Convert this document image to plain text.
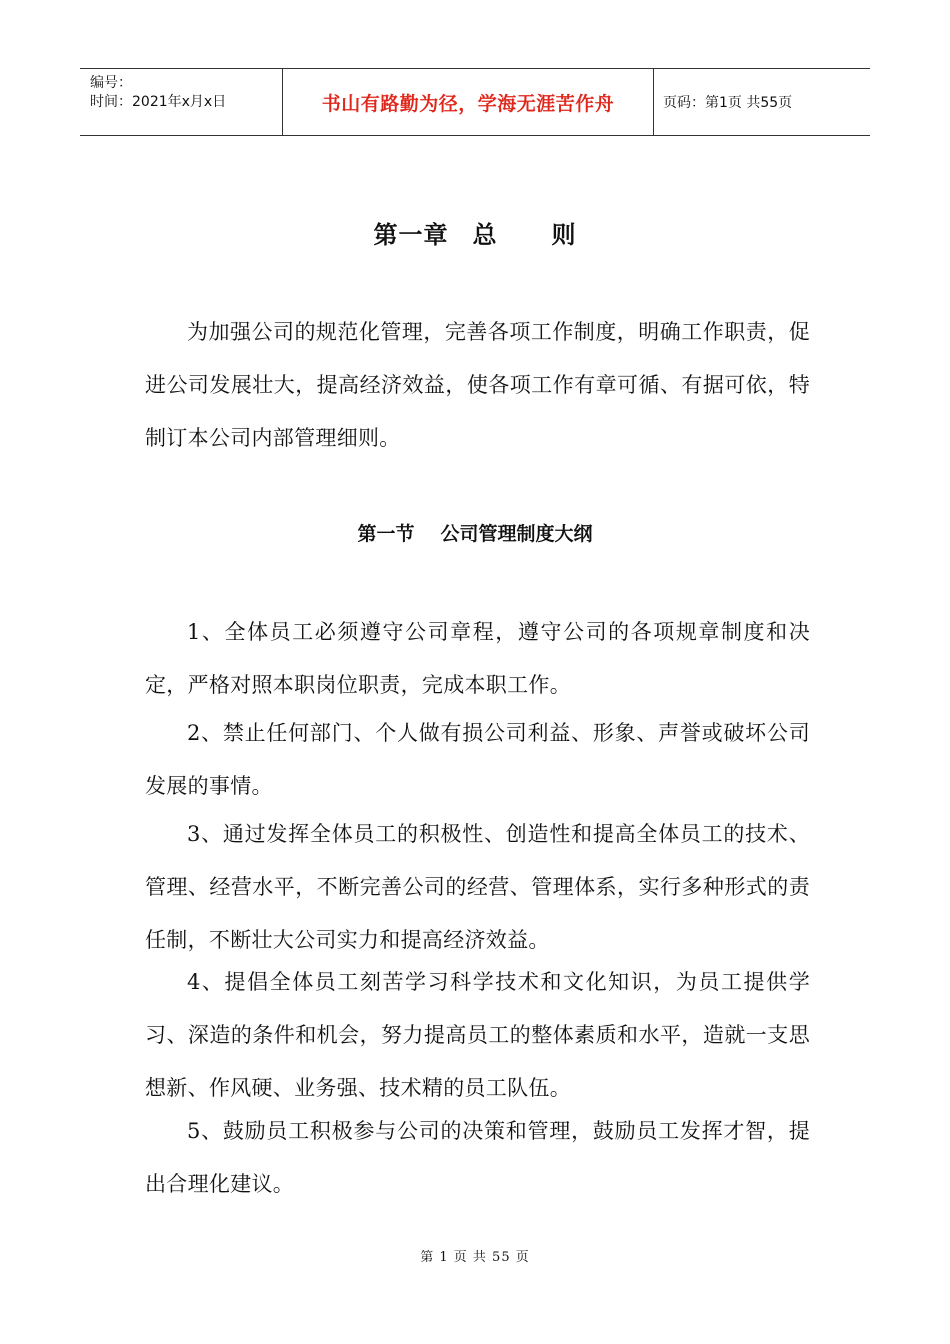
编号：
时间：2021年x月x日	书山有路勤为径，学海无涯苦作舟	页码：第1页 共55页
第一章 总 则

为加强公司的规范化管理，完善各项工作制度，明确工作职责，促进公司发展壮大，提高经济效益，使各项工作有章可循、有据可依，特制订本公司内部管理细则。

第一节 公司管理制度大纲

1、全体员工必须遵守公司章程，遵守公司的各项规章制度和决定，严格对照本职岗位职责，完成本职工作。

2、禁止任何部门、个人做有损公司利益、形象、声誉或破坏公司发展的事情。

3、通过发挥全体员工的积极性、创造性和提高全体员工的技术、管理、经营水平，不断完善公司的经营、管理体系，实行多种形式的责任制，不断壮大公司实力和提高经济效益。

4、提倡全体员工刻苦学习科学技术和文化知识，为员工提供学习、深造的条件和机会，努力提高员工的整体素质和水平，造就一支思想新、作风硬、业务强、技术精的员工队伍。

5、鼓励员工积极参与公司的决策和管理，鼓励员工发挥才智，提出合理化建议。

第 1 页 共 55 页
